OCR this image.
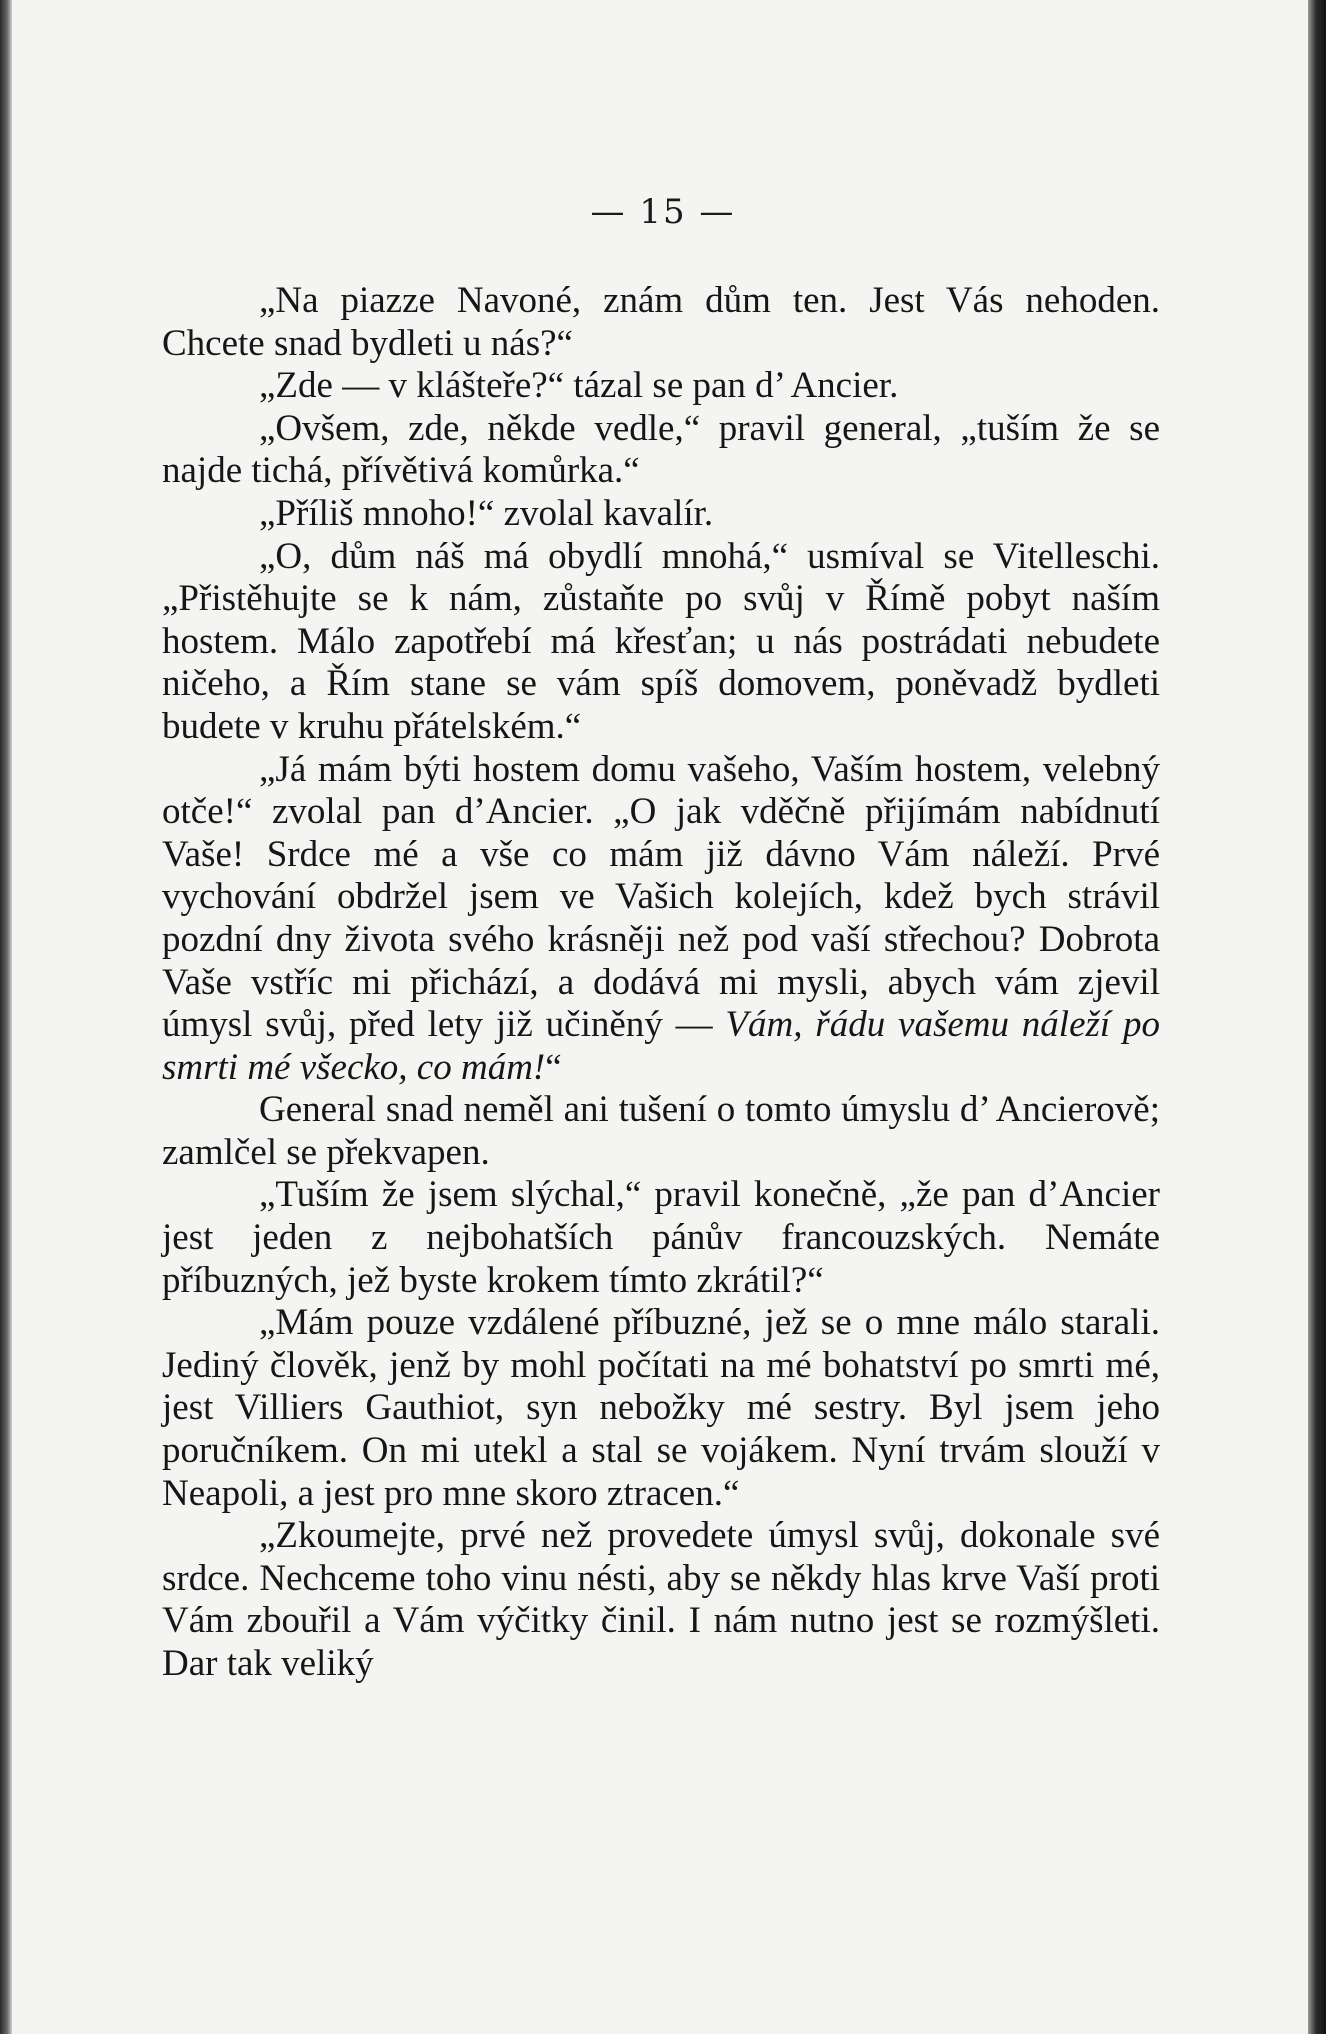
— 15 —

„Na piazze Navoné, znám dům ten. Jest Vás nehoden. Chcete snad bydleti u nás?“

„Zde — v klášteře?“ tázal se pan d’ Ancier.

„Ovšem, zde, někde vedle,“ pravil general, „tuším že se najde tichá, přívětivá komůrka.“

„Příliš mnoho!“ zvolal kavalír.

„O, dům náš má obydlí mnohá,“ usmíval se Vitelleschi. „Přistěhujte se k nám, zůstaňte po svůj v Římě pobyt naším hostem. Málo zapotřebí má křesťan; u nás postrádati nebudete ničeho, a Řím stane se vám spíš domovem, poněvadž bydleti budete v kruhu přátelském.“

„Já mám býti hostem domu vašeho, Vaším hostem, velebný otče!“ zvolal pan d’Ancier. „O jak vděčně přijímám nabídnutí Vaše! Srdce mé a vše co mám již dávno Vám náleží. Prvé vychování obdržel jsem ve Vašich kolejích, kdež bych strávil pozdní dny života svého krásněji než pod vaší střechou? Dobrota Vaše vstříc mi přichází, a dodává mi mysli, abych vám zjevil úmysl svůj, před lety již učiněný — Vám, řádu vašemu náleží po smrti mé všecko, co mám!“

General snad neměl ani tušení o tomto úmyslu d’ Ancierově; zamlčel se překvapen.

„Tuším že jsem slýchal,“ pravil konečně, „že pan d’Ancier jest jeden z nejbohatších pánův francouzských. Nemáte příbuzných, jež byste krokem tímto zkrátil?“

„Mám pouze vzdálené příbuzné, jež se o mne málo starali. Jediný člověk, jenž by mohl počítati na mé bohatství po smrti mé, jest Villiers Gauthiot, syn nebožky mé sestry. Byl jsem jeho poručníkem. On mi utekl a stal se vojákem. Nyní trvám slouží v Neapoli, a jest pro mne skoro ztracen.“

„Zkoumejte, prvé než provedete úmysl svůj, dokonale své srdce. Nechceme toho vinu nésti, aby se někdy hlas krve Vaší proti Vám zbouřil a Vám výčitky činil. I nám nutno jest se rozmýšleti. Dar tak veliký
